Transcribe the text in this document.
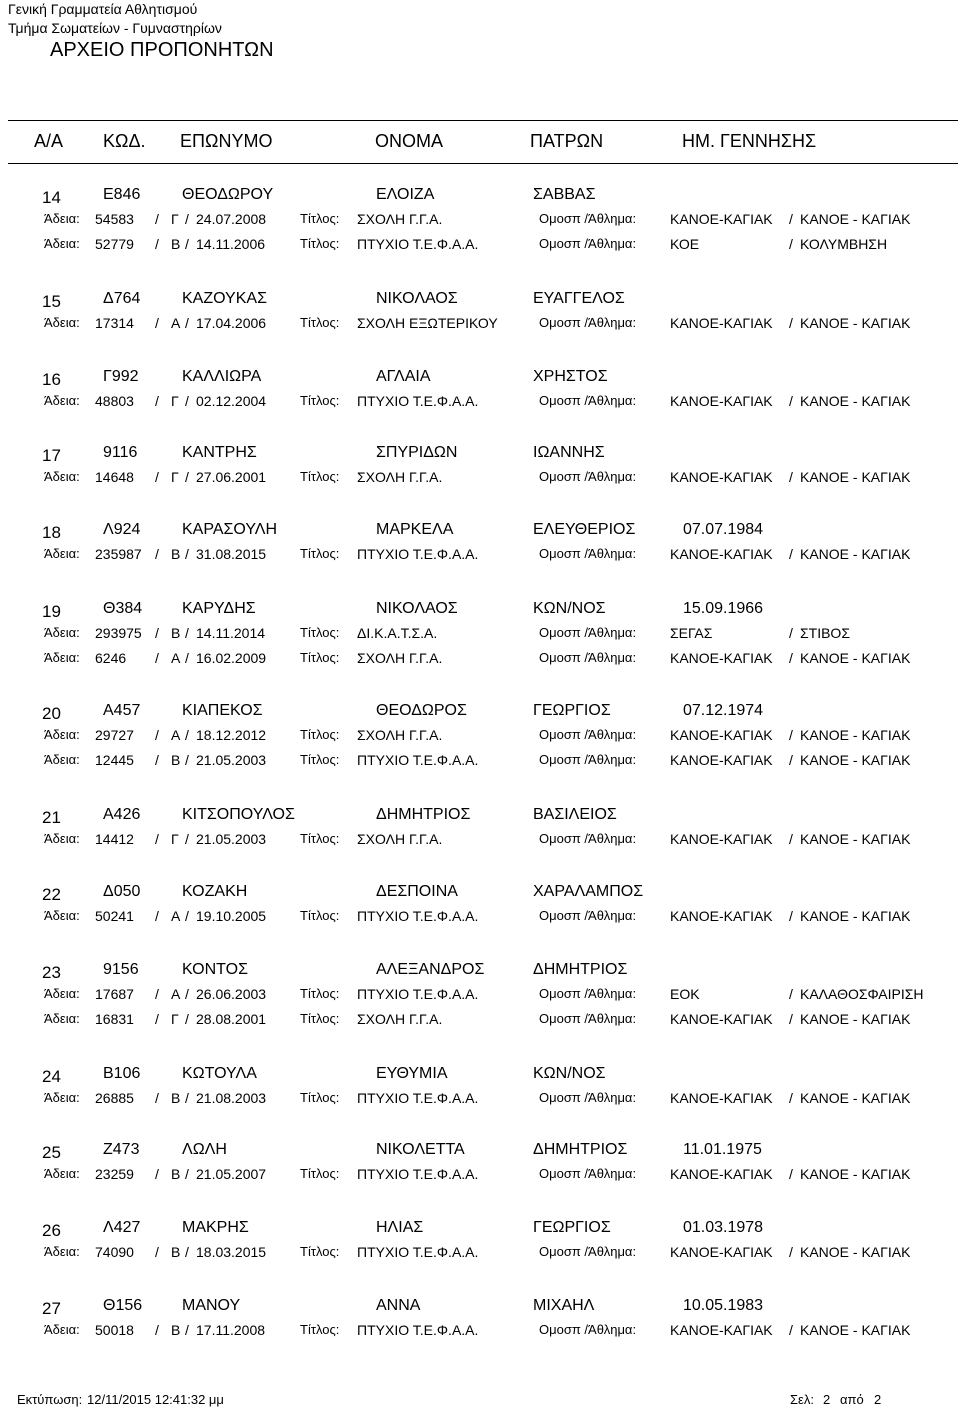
Γενική Γραμματεία Αθλητισμού
Τμήμα Σωματείων - Γυμναστηρίων
ΑΡΧΕΙΟ ΠΡΟΠΟΝΗΤΩΝ
Α/Α ΚΩΔ. ΕΠΩΝΥΜΟ	ΟΝΟΜΑ	ΠΑΤΡΩΝ	ΗΜ. ΓΕΝΝΗΣΗΣ
14	Ε846	ΘΕΟΔΩΡΟΥ	ΕΛΟΙΖΑ	ΣΑΒΒΑΣ
Άδεια: 54583 / Γ / 24.07.2008	Τίτλος: ΣΧΟΛΗ Γ.Γ.Α.	Ομοσπ /Άθλημα: ΚΑΝΟΕ-ΚΑΓΙΑΚ / ΚΑΝΟΕ - ΚΑΓΙΑΚ
Άδεια: 52779 / Β / 14.11.2006	Τίτλος: ΠΤΥΧΙΟ Τ.Ε.Φ.Α.Α.	Ομοσπ /Άθλημα: ΚΟΕ	/ ΚΟΛΥΜΒΗΣΗ
15	Δ764	ΚΑΖΟΥΚΑΣ	ΝΙΚΟΛΑΟΣ	ΕΥΑΓΓΕΛΟΣ
Άδεια: 17314 / Α / 17.04.2006	Τίτλος: ΣΧΟΛΗ ΕΞΩΤΕΡΙΚΟΥ	Ομοσπ /Άθλημα: ΚΑΝΟΕ-ΚΑΓΙΑΚ / ΚΑΝΟΕ - ΚΑΓΙΑΚ
16	Γ992	ΚΑΛΛΙΩΡΑ	ΑΓΛΑΙΑ	ΧΡΗΣΤΟΣ
Άδεια: 48803 / Γ / 02.12.2004	Τίτλος: ΠΤΥΧΙΟ Τ.Ε.Φ.Α.Α.	Ομοσπ /Άθλημα: ΚΑΝΟΕ-ΚΑΓΙΑΚ / ΚΑΝΟΕ - ΚΑΓΙΑΚ
17	9116	ΚΑΝΤΡΗΣ	ΣΠΥΡΙΔΩΝ	ΙΩΑΝΝΗΣ
Άδεια: 14648 / Γ / 27.06.2001	Τίτλος: ΣΧΟΛΗ Γ.Γ.Α.	Ομοσπ /Άθλημα: ΚΑΝΟΕ-ΚΑΓΙΑΚ / ΚΑΝΟΕ - ΚΑΓΙΑΚ
18	Λ924	ΚΑΡΑΣΟΥΛΗ	ΜΑΡΚΕΛΑ	ΕΛΕΥΘΕΡΙΟΣ	07.07.1984
Άδεια: 235987 / Β / 31.08.2015	Τίτλος: ΠΤΥΧΙΟ Τ.Ε.Φ.Α.Α.	Ομοσπ /Άθλημα: ΚΑΝΟΕ-ΚΑΓΙΑΚ / ΚΑΝΟΕ - ΚΑΓΙΑΚ
19	Θ384 ΚΑΡΥΔΗΣ	ΝΙΚΟΛΑΟΣ	ΚΩΝ/ΝΟΣ	15.09.1966
Άδεια: 293975 / Β / 14.11.2014	Τίτλος: ΔΙ.Κ.Α.Τ.Σ.Α.	Ομοσπ /Άθλημα: ΣΕΓΑΣ	/ ΣΤΙΒΟΣ
Άδεια: 6246 / Α / 16.02.2009	Τίτλος: ΣΧΟΛΗ Γ.Γ.Α.	Ομοσπ /Άθλημα: ΚΑΝΟΕ-ΚΑΓΙΑΚ / ΚΑΝΟΕ - ΚΑΓΙΑΚ
20	Α457	ΚΙΑΠΕΚΟΣ	ΘΕΟΔΩΡΟΣ	ΓΕΩΡΓΙΟΣ	07.12.1974
Άδεια: 29727 / Α / 18.12.2012	Τίτλος: ΣΧΟΛΗ Γ.Γ.Α.	Ομοσπ /Άθλημα: ΚΑΝΟΕ-ΚΑΓΙΑΚ / ΚΑΝΟΕ - ΚΑΓΙΑΚ
Άδεια: 12445 / Β / 21.05.2003	Τίτλος: ΠΤΥΧΙΟ Τ.Ε.Φ.Α.Α.	Ομοσπ /Άθλημα: ΚΑΝΟΕ-ΚΑΓΙΑΚ / ΚΑΝΟΕ - ΚΑΓΙΑΚ
21	Α426	ΚΙΤΣΟΠΟΥΛΟΣ	ΔΗΜΗΤΡΙΟΣ	ΒΑΣΙΛΕΙΟΣ
Άδεια: 14412 / Γ / 21.05.2003	Τίτλος: ΣΧΟΛΗ Γ.Γ.Α.	Ομοσπ /Άθλημα: ΚΑΝΟΕ-ΚΑΓΙΑΚ / ΚΑΝΟΕ - ΚΑΓΙΑΚ
22	Δ050	ΚΟΖΑΚΗ	ΔΕΣΠΟΙΝΑ	ΧΑΡΑΛΑΜΠΟΣ
Άδεια: 50241 / Α / 19.10.2005	Τίτλος: ΠΤΥΧΙΟ Τ.Ε.Φ.Α.Α.	Ομοσπ /Άθλημα: ΚΑΝΟΕ-ΚΑΓΙΑΚ / ΚΑΝΟΕ - ΚΑΓΙΑΚ
23	9156	ΚΟΝΤΟΣ	ΑΛΕΞΑΝΔΡΟΣ	ΔΗΜΗΤΡΙΟΣ
Άδεια: 17687 / Α / 26.06.2003	Τίτλος: ΠΤΥΧΙΟ Τ.Ε.Φ.Α.Α.	Ομοσπ /Άθλημα: ΕΟΚ	/ ΚΑΛΑΘΟΣΦΑΙΡΙΣΗ
Άδεια: 16831 / Γ / 28.08.2001	Τίτλος: ΣΧΟΛΗ Γ.Γ.Α.	Ομοσπ /Άθλημα: ΚΑΝΟΕ-ΚΑΓΙΑΚ / ΚΑΝΟΕ - ΚΑΓΙΑΚ
24	Β106	ΚΩΤΟΥΛΑ	ΕΥΘΥΜΙΑ	ΚΩΝ/ΝΟΣ
Άδεια: 26885 / Β / 21.08.2003	Τίτλος: ΠΤΥΧΙΟ Τ.Ε.Φ.Α.Α.	Ομοσπ /Άθλημα: ΚΑΝΟΕ-ΚΑΓΙΑΚ / ΚΑΝΟΕ - ΚΑΓΙΑΚ
25	Ζ473	ΛΩΛΗ	ΝΙΚΟΛΕΤΤΑ	ΔΗΜΗΤΡΙΟΣ	11.01.1975
Άδεια: 23259 / Β / 21.05.2007	Τίτλος: ΠΤΥΧΙΟ Τ.Ε.Φ.Α.Α.	Ομοσπ /Άθλημα: ΚΑΝΟΕ-ΚΑΓΙΑΚ / ΚΑΝΟΕ - ΚΑΓΙΑΚ
26	Λ427	ΜΑΚΡΗΣ	ΗΛΙΑΣ	ΓΕΩΡΓΙΟΣ	01.03.1978
Άδεια: 74090 / Β / 18.03.2015	Τίτλος: ΠΤΥΧΙΟ Τ.Ε.Φ.Α.Α.	Ομοσπ /Άθλημα: ΚΑΝΟΕ-ΚΑΓΙΑΚ / ΚΑΝΟΕ - ΚΑΓΙΑΚ
27	Θ156 ΜΑΝΟΥ	ΑΝΝΑ	ΜΙΧΑΗΛ	10.05.1983
Άδεια: 50018 / Β / 17.11.2008	Τίτλος: ΠΤΥΧΙΟ Τ.Ε.Φ.Α.Α.	Ομοσπ /Άθλημα: ΚΑΝΟΕ-ΚΑΓΙΑΚ / ΚΑΝΟΕ - ΚΑΓΙΑΚ
Εκτύπωση: 12/11/2015 12:41:32 μμ	Σελ: 2 από 2
